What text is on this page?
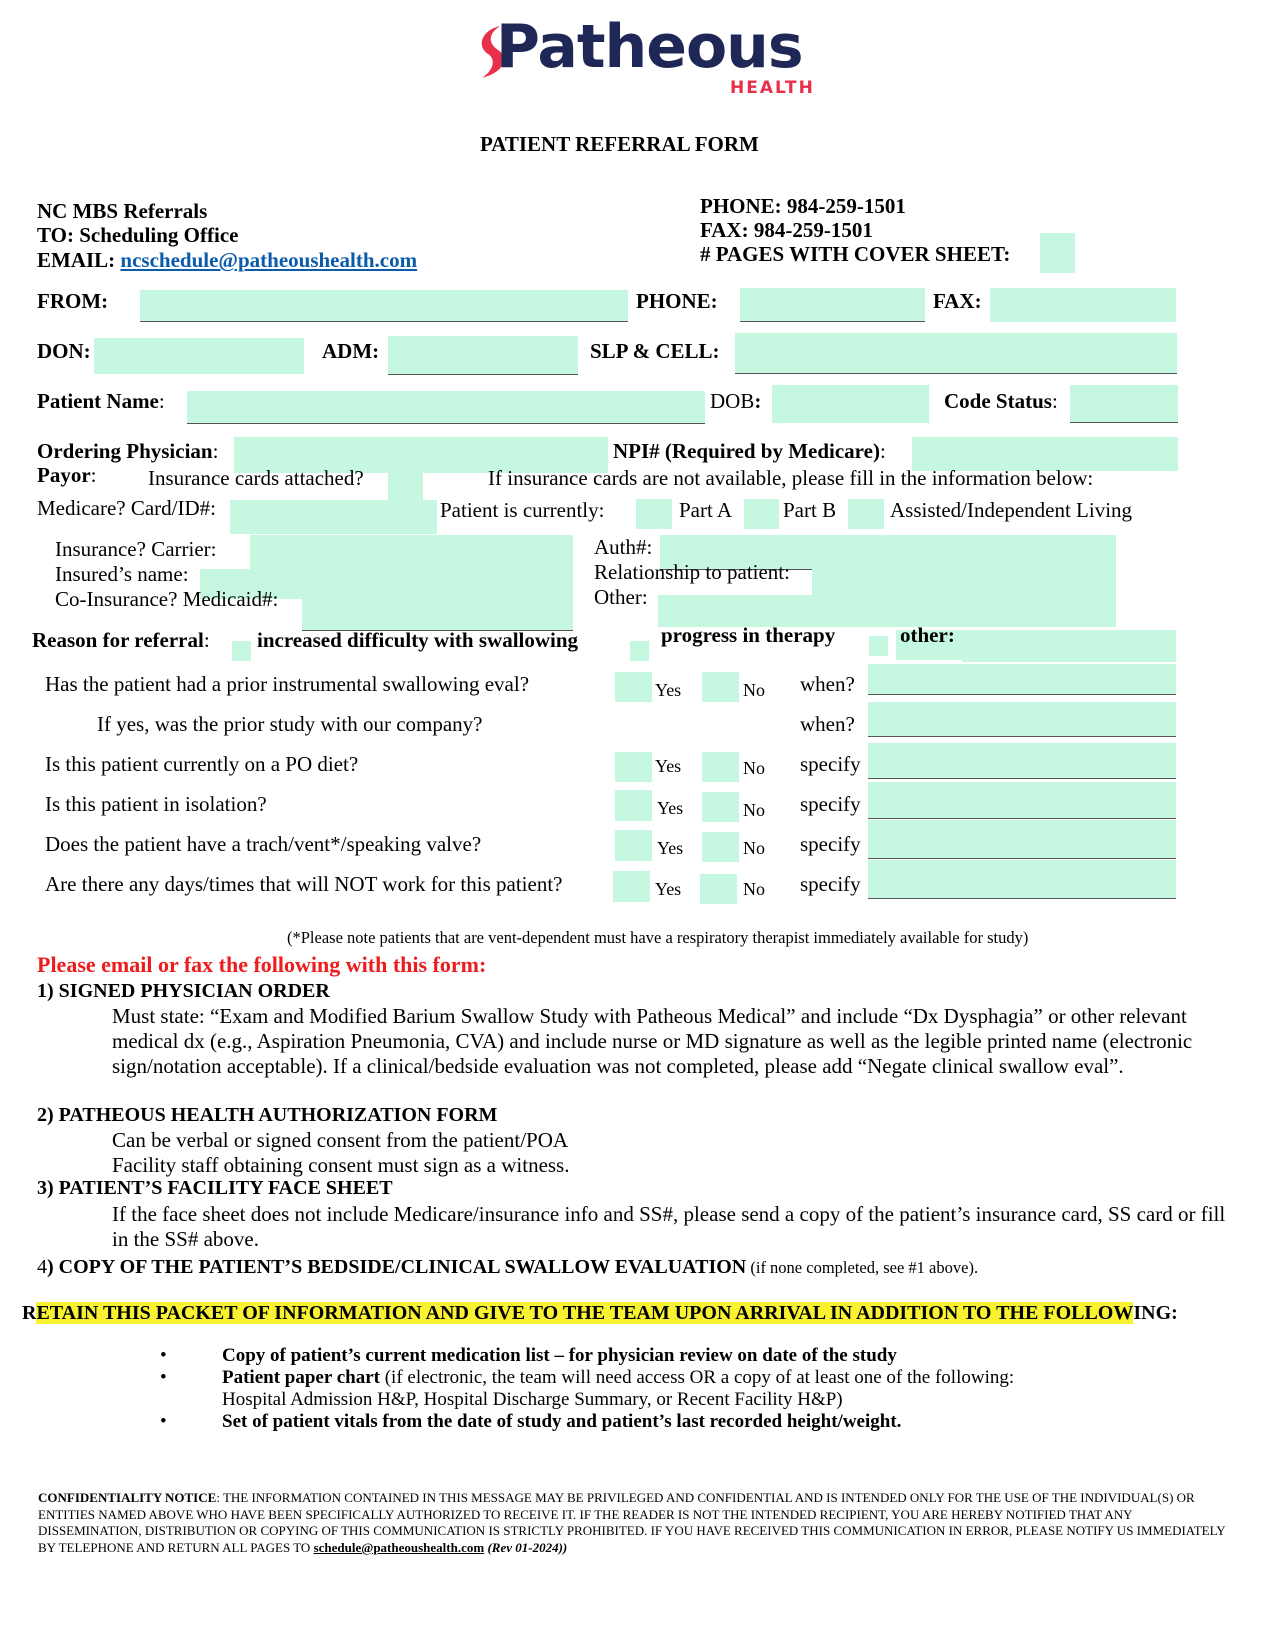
Patheous
HEALTH
PATIENT REFERRAL FORM
NC MBS Referrals
TO: Scheduling Office
EMAIL: ncschedule@patheoushealth.com
PHONE: 984-259-1501
FAX: 984-259-1501
# PAGES WITH COVER SHEET:
FROM:	PHONE:	FAX:
DON:	ADM:	SLP & CELL:
Patient Name:	DOB:	Code Status:
Ordering Physician:	NPI# (Required by Medicare):
Payor: Insurance cards attached?	If insurance cards are not available, please fill in the information below:
Medicare? Card/ID#:	Patient is currently:	Part A Part B	Assisted/Independent Living
Insurance? Carrier:
Insured’s name:
Co-Insurance? Medicaid#:
Auth#:
Relationship to patient:
Other:
Reason for referral: increased difficulty with swallowing	progress in therapy	other:
Has the patient had a prior instrumental swallowing eval?	Yes	No when?
If yes, was the prior study with our company?	when?
Is this patient currently on a PO diet?	Yes	No specify
Is this patient in isolation?	Yes	No specify
Does the patient have a trach/vent*/speaking valve?	Yes	No specify
Are there any days/times that will NOT work for this patient?	Yes	No specify
(*Please note patients that are vent-dependent must have a respiratory therapist immediately available for study)
Please email or fax the following with this form:
1) SIGNED PHYSICIAN ORDER
Must state: “Exam and Modified Barium Swallow Study with Patheous Medical” and include “Dx Dysphagia” or other relevant medical dx (e.g., Aspiration Pneumonia, CVA) and include nurse or MD signature as well as the legible printed name (electronic sign/notation acceptable). If a clinical/bedside evaluation was not completed, please add “Negate clinical swallow eval”.
2) PATHEOUS HEALTH AUTHORIZATION FORM
Can be verbal or signed consent from the patient/POA
Facility staff obtaining consent must sign as a witness.
3) PATIENT’S FACILITY FACE SHEET
If the face sheet does not include Medicare/insurance info and SS#, please send a copy of the patient’s insurance card, SS card or fill in the SS# above.
4) COPY OF THE PATIENT’S BEDSIDE/CLINICAL SWALLOW EVALUATION (if none completed, see #1 above).
RETAIN THIS PACKET OF INFORMATION AND GIVE TO THE TEAM UPON ARRIVAL IN ADDITION TO THE FOLLOWING:
•	Copy of patient’s current medication list – for physician review on date of the study
•	Patient paper chart (if electronic, the team will need access OR a copy of at least one of the following:
Hospital Admission H&P, Hospital Discharge Summary, or Recent Facility H&P)
•	Set of patient vitals from the date of study and patient’s last recorded height/weight.
CONFIDENTIALITY NOTICE: THE INFORMATION CONTAINED IN THIS MESSAGE MAY BE PRIVILEGED AND CONFIDENTIAL AND IS INTENDED ONLY FOR THE USE OF THE INDIVIDUAL(S) OR ENTITIES NAMED ABOVE WHO HAVE BEEN SPECIFICALLY AUTHORIZED TO RECEIVE IT. IF THE READER IS NOT THE INTENDED RECIPIENT, YOU ARE HEREBY NOTIFIED THAT ANY DISSEMINATION, DISTRIBUTION OR COPYING OF THIS COMMUNICATION IS STRICTLY PROHIBITED. IF YOU HAVE RECEIVED THIS COMMUNICATION IN ERROR, PLEASE NOTIFY US IMMEDIATELY BY TELEPHONE AND RETURN ALL PAGES TO schedule@patheoushealth.com (Rev 01-2024))
